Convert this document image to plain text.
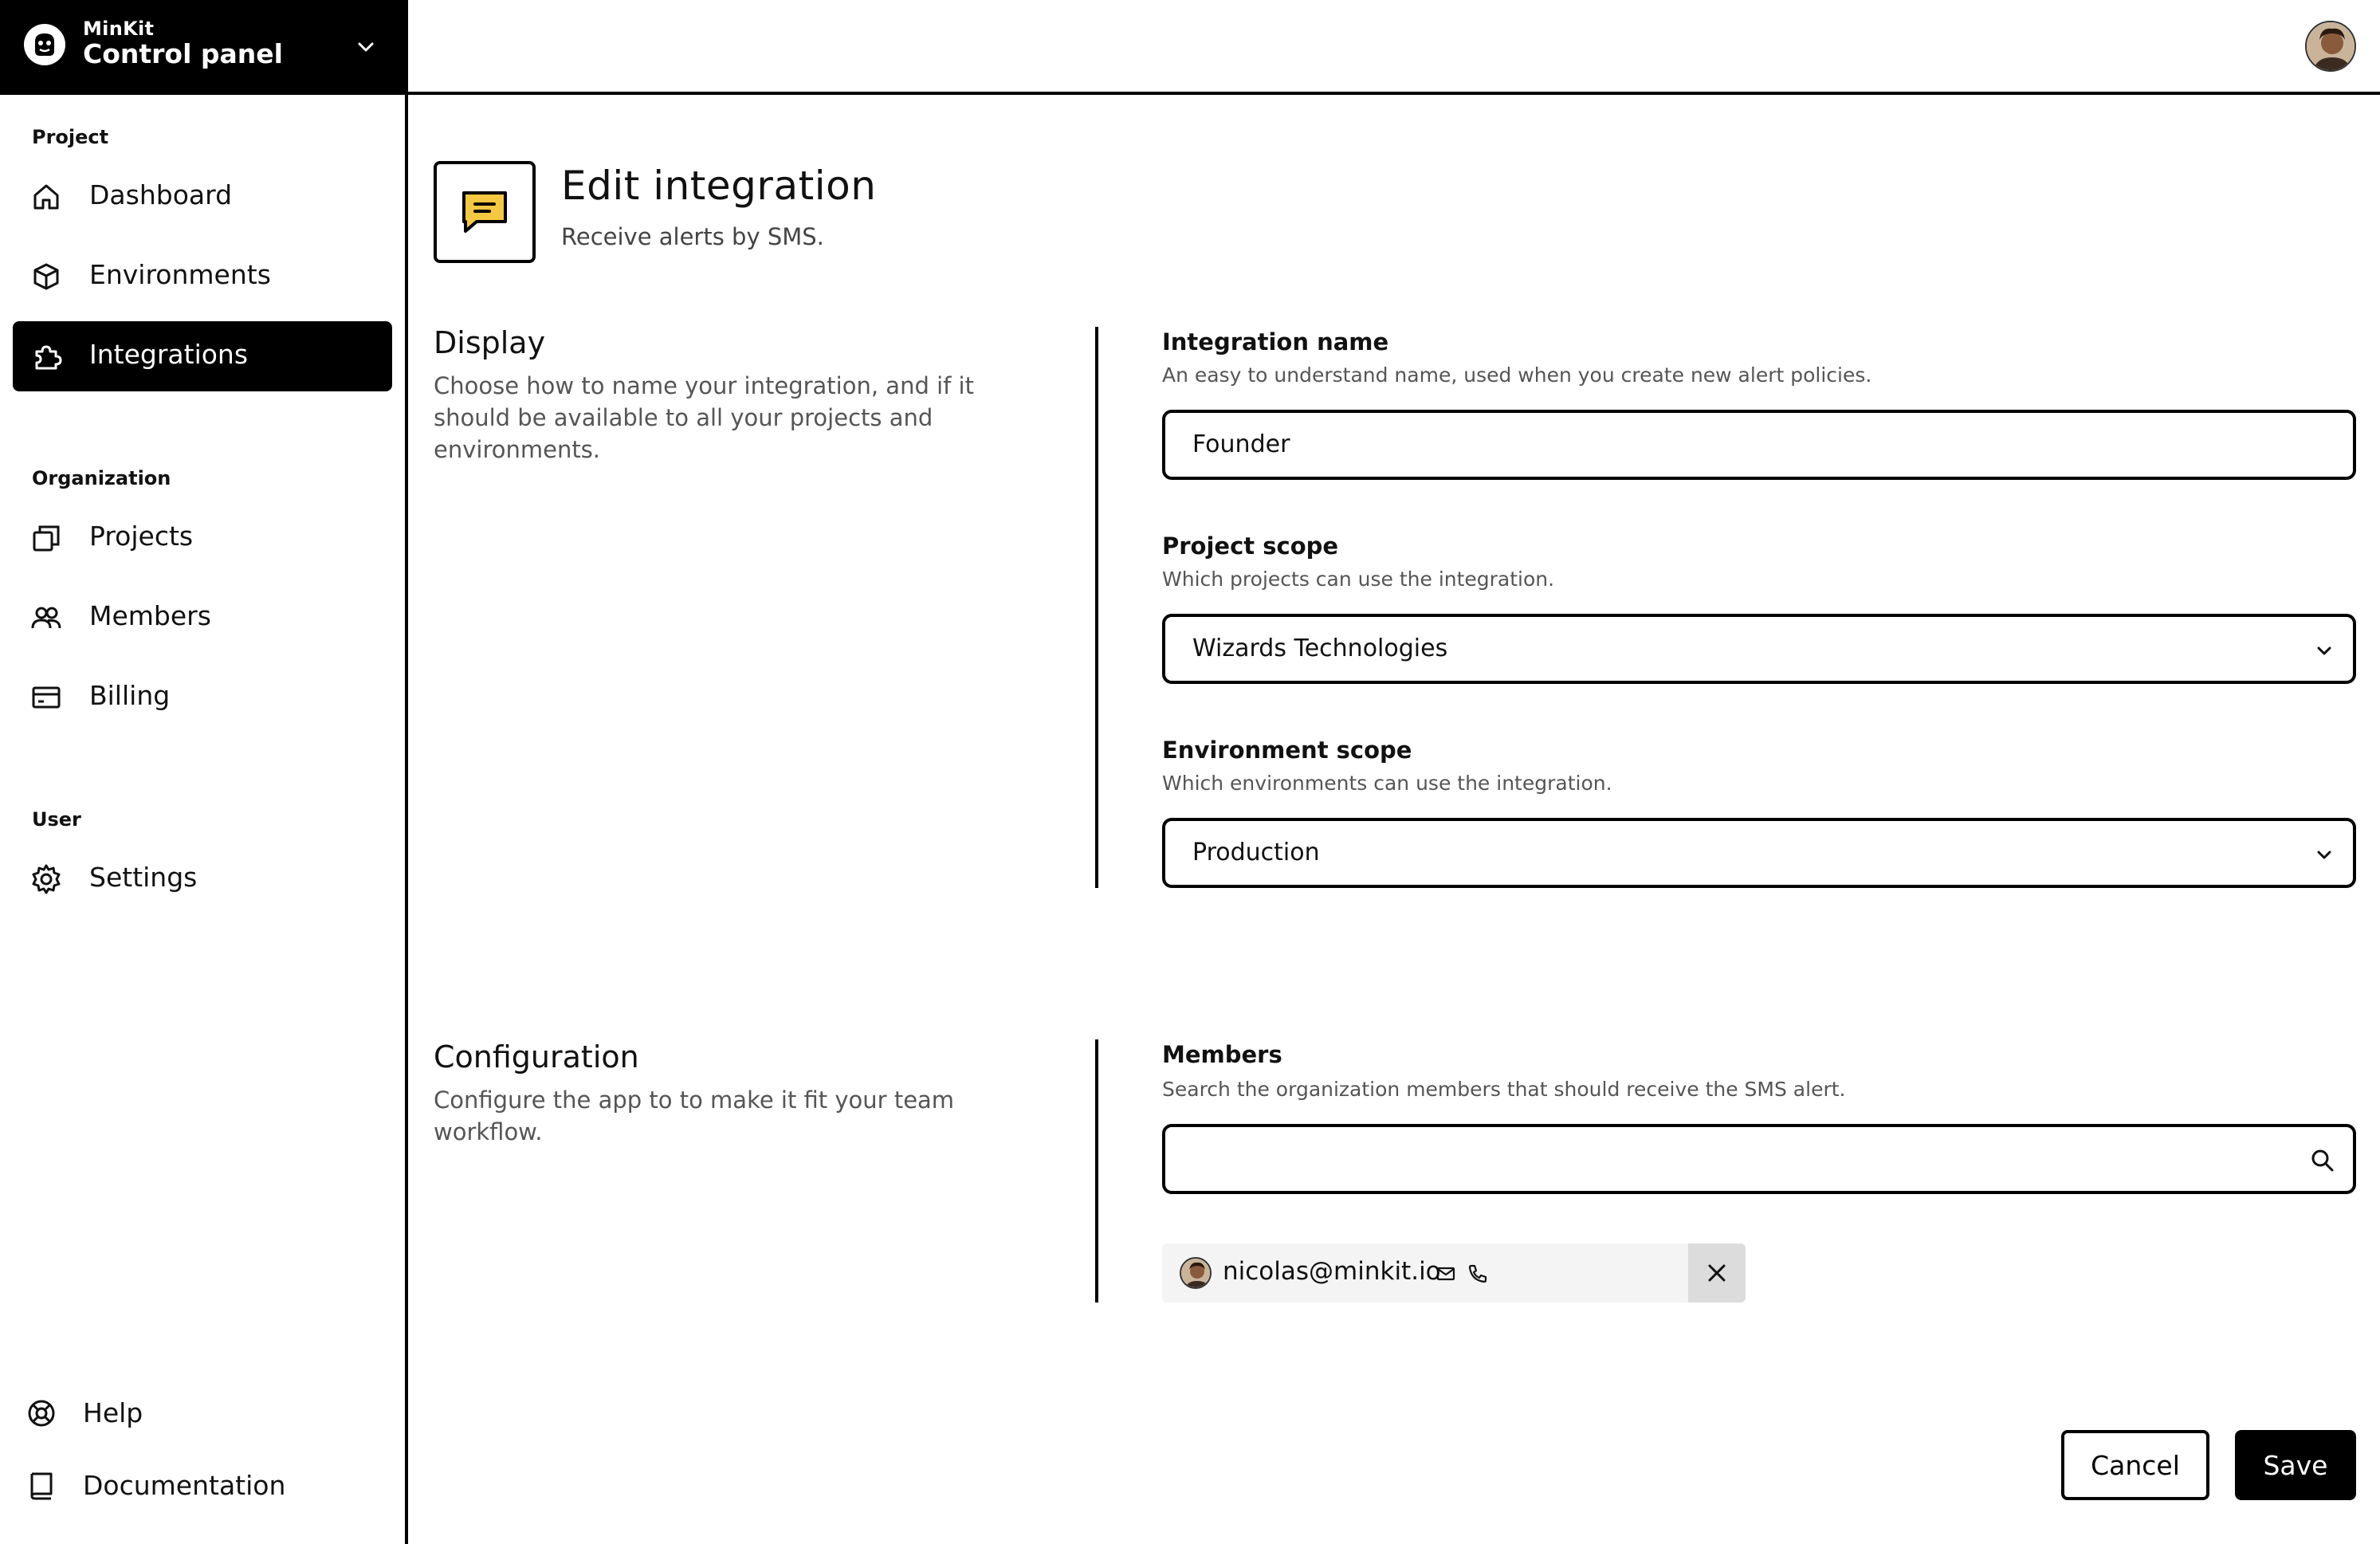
MinKit
Control panel
Project
Dashboard
Environments
Integrations
Organization
Projects
Members
Billing
User
Settings
Help
Documentation
Edit integration
Receive alerts by SMS.
Display
Choose how to name your integration, and if it should be available to all your projects and environments.
Integration name
An easy to understand name, used when you create new alert policies.
Founder
Project scope
Which projects can use the integration.
Wizards Technologies
Environment scope
Which environments can use the integration.
Production
Configuration
Configure the app to to make it fit your team workflow.
Members
Search the organization members that should receive the SMS alert.
nicolas@minkit.io
Cancel	Save
